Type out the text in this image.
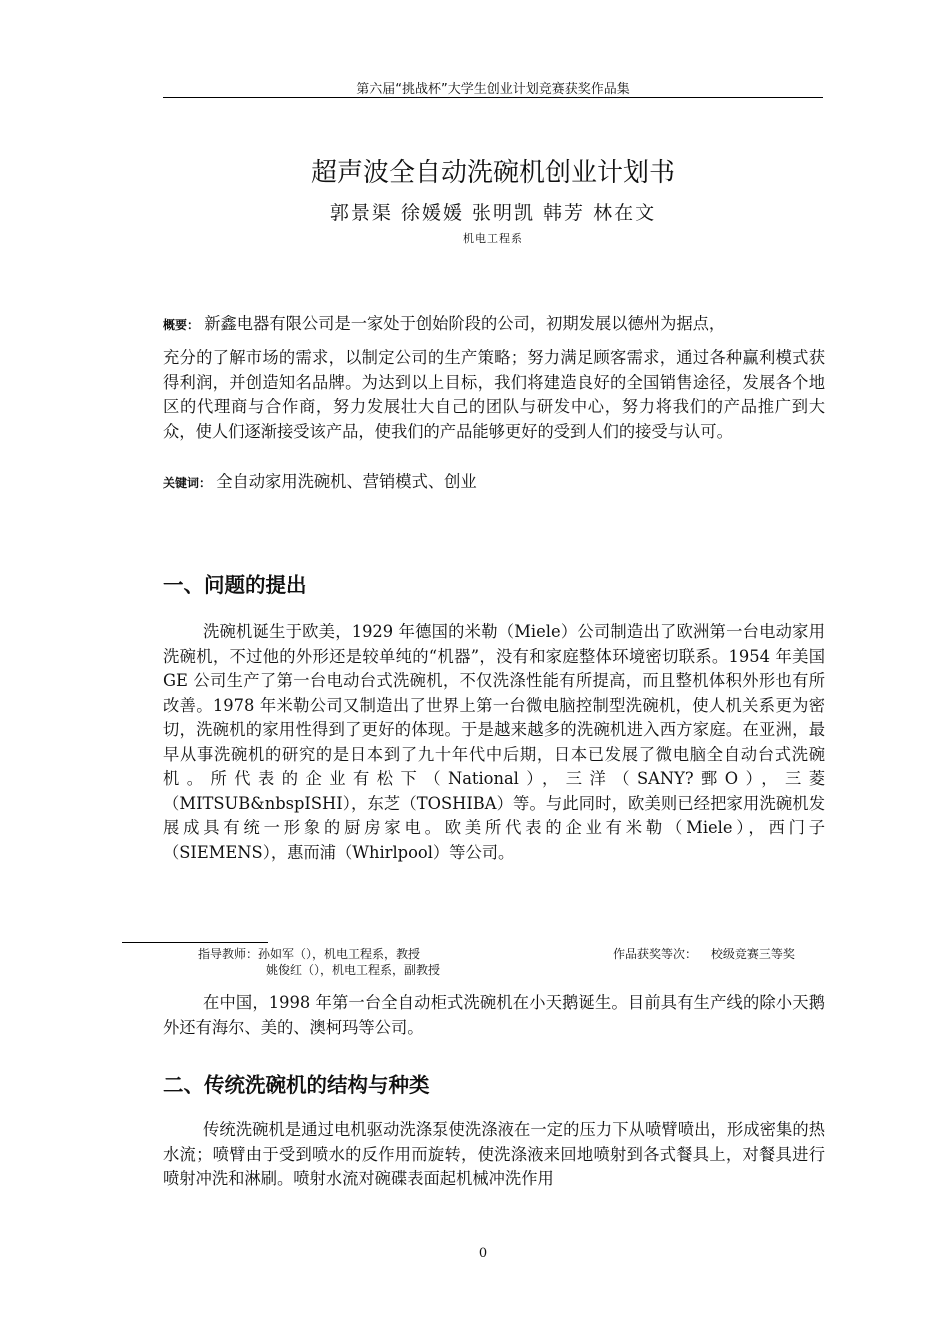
第六届“挑战杯”大学生创业计划竞赛获奖作品集
超声波全自动洗碗机创业计划书
郭景渠 徐媛媛 张明凯 韩芳 林在文
机电工程系
概要： 新鑫电器有限公司是一家处于创始阶段的公司，初期发展以德州为据点，
充分的了解市场的需求，以制定公司的生产策略；努力满足顾客需求，通过各种赢利模式获得利润，并创造知名品牌。为达到以上目标，我们将建造良好的全国销售途径，发展各个地区的代理商与合作商，努力发展壮大自己的团队与研发中心，努力将我们的产品推广到大众，使人们逐渐接受该产品，使我们的产品能够更好的受到人们的接受与认可。
关键词： 全自动家用洗碗机、营销模式、创业
一、问题的提出
洗碗机诞生于欧美，1929 年德国的米勒（Miele）公司制造出了欧洲第一台电动家用洗碗机，不过他的外形还是较单纯的“机器”，没有和家庭整体环境密切联系。1954 年美国 GE 公司生产了第一台电动台式洗碗机，不仅洗涤性能有所提高，而且整机体积外形也有所改善。1978 年米勒公司又制造出了世界上第一台微电脑控制型洗碗机，使人机关系更为密切，洗碗机的家用性得到了更好的体现。于是越来越多的洗碗机进入西方家庭。在亚洲，最早从事洗碗机的研究的是日本到了九十年代中后期，日本已发展了微电脑全自动台式洗碗机。所代表的企业有松下（National），三洋（SANY?鄄O），三菱（MITSUB&nbspISHI），东芝（TOSHIBA）等。与此同时，欧美则已经把家用洗碗机发展成具有统一形象的厨房家电。欧美所代表的企业有米勒（Miele），西门子（SIEMENS），惠而浦（Whirlpool）等公司。
指导教师：孙如军（），机电工程系，教授
姚俊红（），机电工程系，副教授
作品获奖等次： 校级竞赛三等奖
在中国，1998 年第一台全自动柜式洗碗机在小天鹅诞生。目前具有生产线的除小天鹅外还有海尔、美的、澳柯玛等公司。
二、传统洗碗机的结构与种类
传统洗碗机是通过电机驱动洗涤泵使洗涤液在一定的压力下从喷臂喷出，形成密集的热水流；喷臂由于受到喷水的反作用而旋转，使洗涤液来回地喷射到各式餐具上，对餐具进行喷射冲洗和淋刷。喷射水流对碗碟表面起机械冲洗作用
0
